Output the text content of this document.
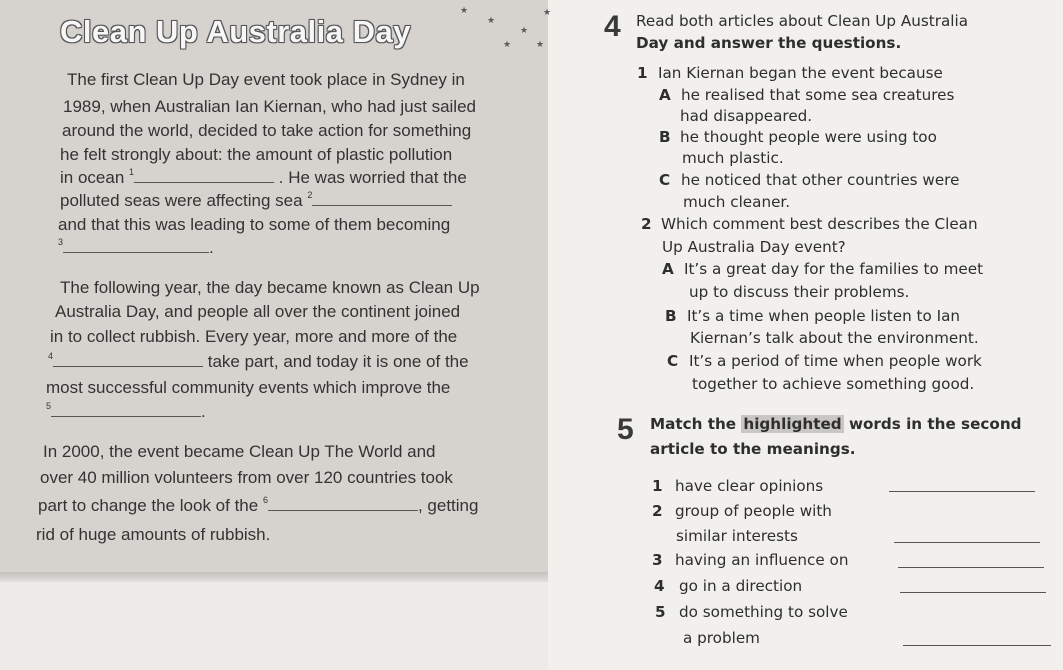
Clean Up Australia Day
★
★
★
★
★
★
The first Clean Up Day event took place in Sydney in
1989, when Australian Ian Kiernan, who had just sailed
around the world, decided to take action for something
he felt strongly about: the amount of plastic pollution
in ocean $^1$	. He was worried that the
polluted seas were affecting sea $^2$
and that this was leading to some of them becoming
$^3$	.
The following year, the day became known as Clean Up
Australia Day, and people all over the continent joined
in to collect rubbish. Every year, more and more of the
$^4$	take part, and today it is one of the
most successful community events which improve the
$^5$	.
In 2000, the event became Clean Up The World and
over 40 million volunteers from over 120 countries took
part to change the look of the $^6$	, getting
rid of huge amounts of rubbish.
4 Read both articles about Clean Up Australia
Day and answer the questions.
1 Ian Kiernan began the event because
A he realised that some sea creatures
had disappeared.
B he thought people were using too
much plastic.
C he noticed that other countries were
much cleaner.
2 Which comment best describes the Clean
Up Australia Day event?
A It’s a great day for the families to meet
up to discuss their problems.
B It’s a time when people listen to Ian
Kiernan’s talk about the environment.
C It’s a period of time when people work
together to achieve something good.
5 Match the highlighted words in the second
article to the meanings.
1 have clear opinions
2 group of people with
similar interests
3 having an influence on
4 go in a direction
5 do something to solve
a problem
